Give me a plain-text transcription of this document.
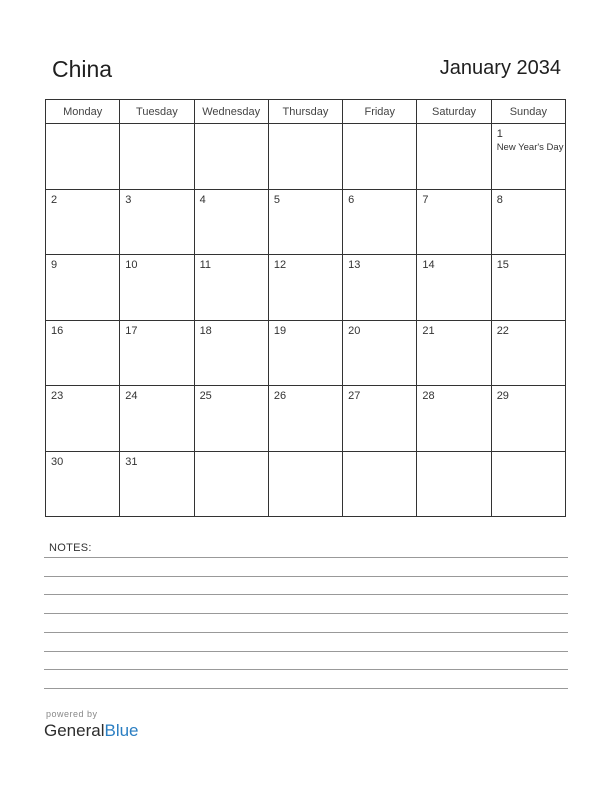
China	January 2034
Monday	Tuesday	Wednesday	Thursday	Friday	Saturday	Sunday

						1
New Year's Day

2	3	4	5	6	7	8

9	10	11	12	13	14	15

16	17	18	19	20	21	22

23	24	25	26	27	28	29

30	31					

NOTES:
powered by
GeneralBlue
